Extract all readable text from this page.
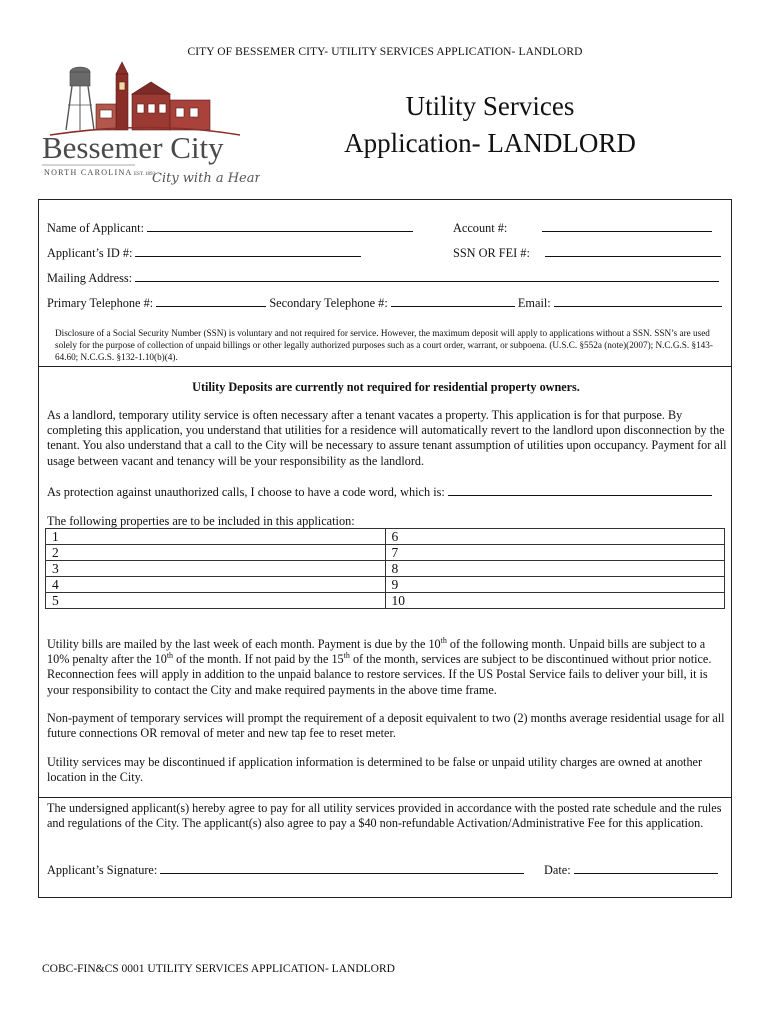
CITY OF BESSEMER CITY- UTILITY SERVICES APPLICATION- LANDLORD
Bessemer City
NORTH CAROLINA EST. 1893
City with a Heart
Utility Services
Application- LANDLORD
Name of Applicant:	Account #:
Applicant’s ID #:	SSN OR FEI #:
Mailing Address:
Primary Telephone #:	Secondary Telephone #:	Email:
Disclosure of a Social Security Number (SSN) is voluntary and not required for service. However, the maximum deposit will apply to applications without a SSN. SSN’s are used solely for the purpose of collection of unpaid billings or other legally authorized purposes such as a court order, warrant, or subpoena. (U.S.C. §552a (note)(2007); N.C.G.S. §143-64.60; N.C.G.S. §132-1.10(b)(4).
Utility Deposits are currently not required for residential property owners.
As a landlord, temporary utility service is often necessary after a tenant vacates a property. This application is for that purpose. By completing this application, you understand that utilities for a residence will automatically revert to the landlord upon disconnection by the tenant. You also understand that a call to the City will be necessary to assure tenant assumption of utilities upon occupancy. Payment for all usage between vacant and tenancy will be your responsibility as the landlord.
As protection against unauthorized calls, I choose to have a code word, which is:
The following properties are to be included in this application:
1	6
2	7
3	8
4	9
5	10
Utility bills are mailed by the last week of each month. Payment is due by the 10th of the following month. Unpaid bills are subject to a 10% penalty after the 10th of the month. If not paid by the 15th of the month, services are subject to be discontinued without prior notice. Reconnection fees will apply in addition to the unpaid balance to restore services. If the US Postal Service fails to deliver your bill, it is your responsibility to contact the City and make required payments in the above time frame.
Non-payment of temporary services will prompt the requirement of a deposit equivalent to two (2) months average residential usage for all future connections OR removal of meter and new tap fee to reset meter.
Utility services may be discontinued if application information is determined to be false or unpaid utility charges are owned at another location in the City.
The undersigned applicant(s) hereby agree to pay for all utility services provided in accordance with the posted rate schedule and the rules and regulations of the City. The applicant(s) also agree to pay a $40 non-refundable Activation/Administrative Fee for this application.
Applicant’s Signature:	Date:
COBC-FIN&CS 0001 UTILITY SERVICES APPLICATION- LANDLORD
